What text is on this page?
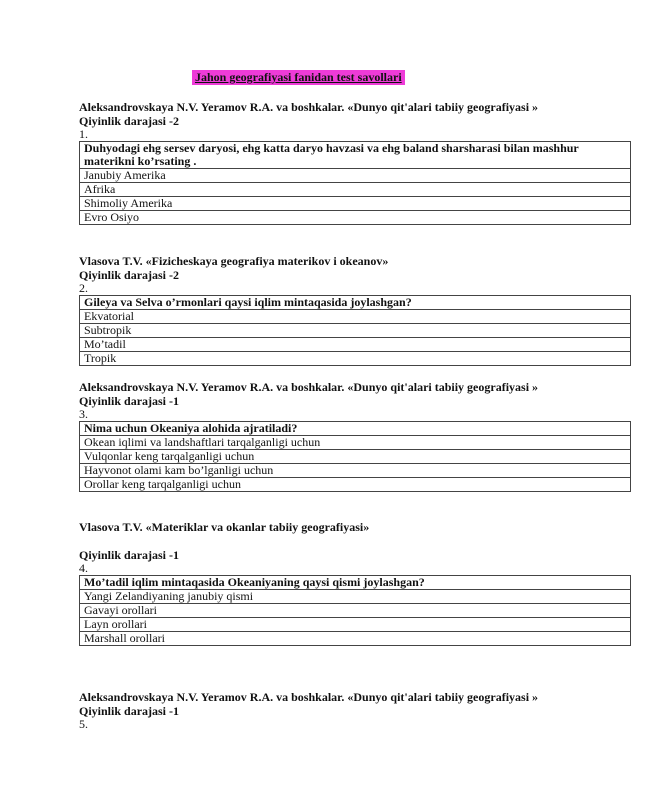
Jahon geografiyasi fanidan test savollari
Aleksandrovskaya N.V. Yeramov R.A. va boshkalar. «Dunyo qit'alari tabiiy geografiyasi »
Qiyinlik darajasi -2
1.
Duhyodagi ehg sersev daryosi, ehg katta daryo havzasi va ehg baland sharsharasi bilan mashhur materikni ko’rsating .
Janubiy Amerika
Afrika
Shimoliy Amerika
Evro Osiyo
Vlasova T.V. «Fizicheskaya geografiya materikov i okeanov»
Qiyinlik darajasi -2
2.
Gileya va Selva o’rmonlari qaysi iqlim mintaqasida joylashgan?
Ekvatorial
Subtropik
Mo’tadil
Tropik
Aleksandrovskaya N.V. Yeramov R.A. va boshkalar. «Dunyo qit'alari tabiiy geografiyasi »
Qiyinlik darajasi -1
3.
Nima uchun Okeaniya alohida ajratiladi?
Okean iqlimi va landshaftlari tarqalganligi uchun
Vulqonlar keng tarqalganligi uchun
Hayvonot olami kam bo’lganligi uchun
Orollar keng tarqalganligi uchun
Vlasova T.V. «Materiklar va okanlar tabiiy geografiyasi»
Qiyinlik darajasi -1
4.
Mo’tadil iqlim mintaqasida Okeaniyaning qaysi qismi joylashgan?
Yangi Zelandiyaning janubiy qismi
Gavayi orollari
Layn orollari
Marshall orollari
Aleksandrovskaya N.V. Yeramov R.A. va boshkalar. «Dunyo qit'alari tabiiy geografiyasi »
Qiyinlik darajasi -1
5.
